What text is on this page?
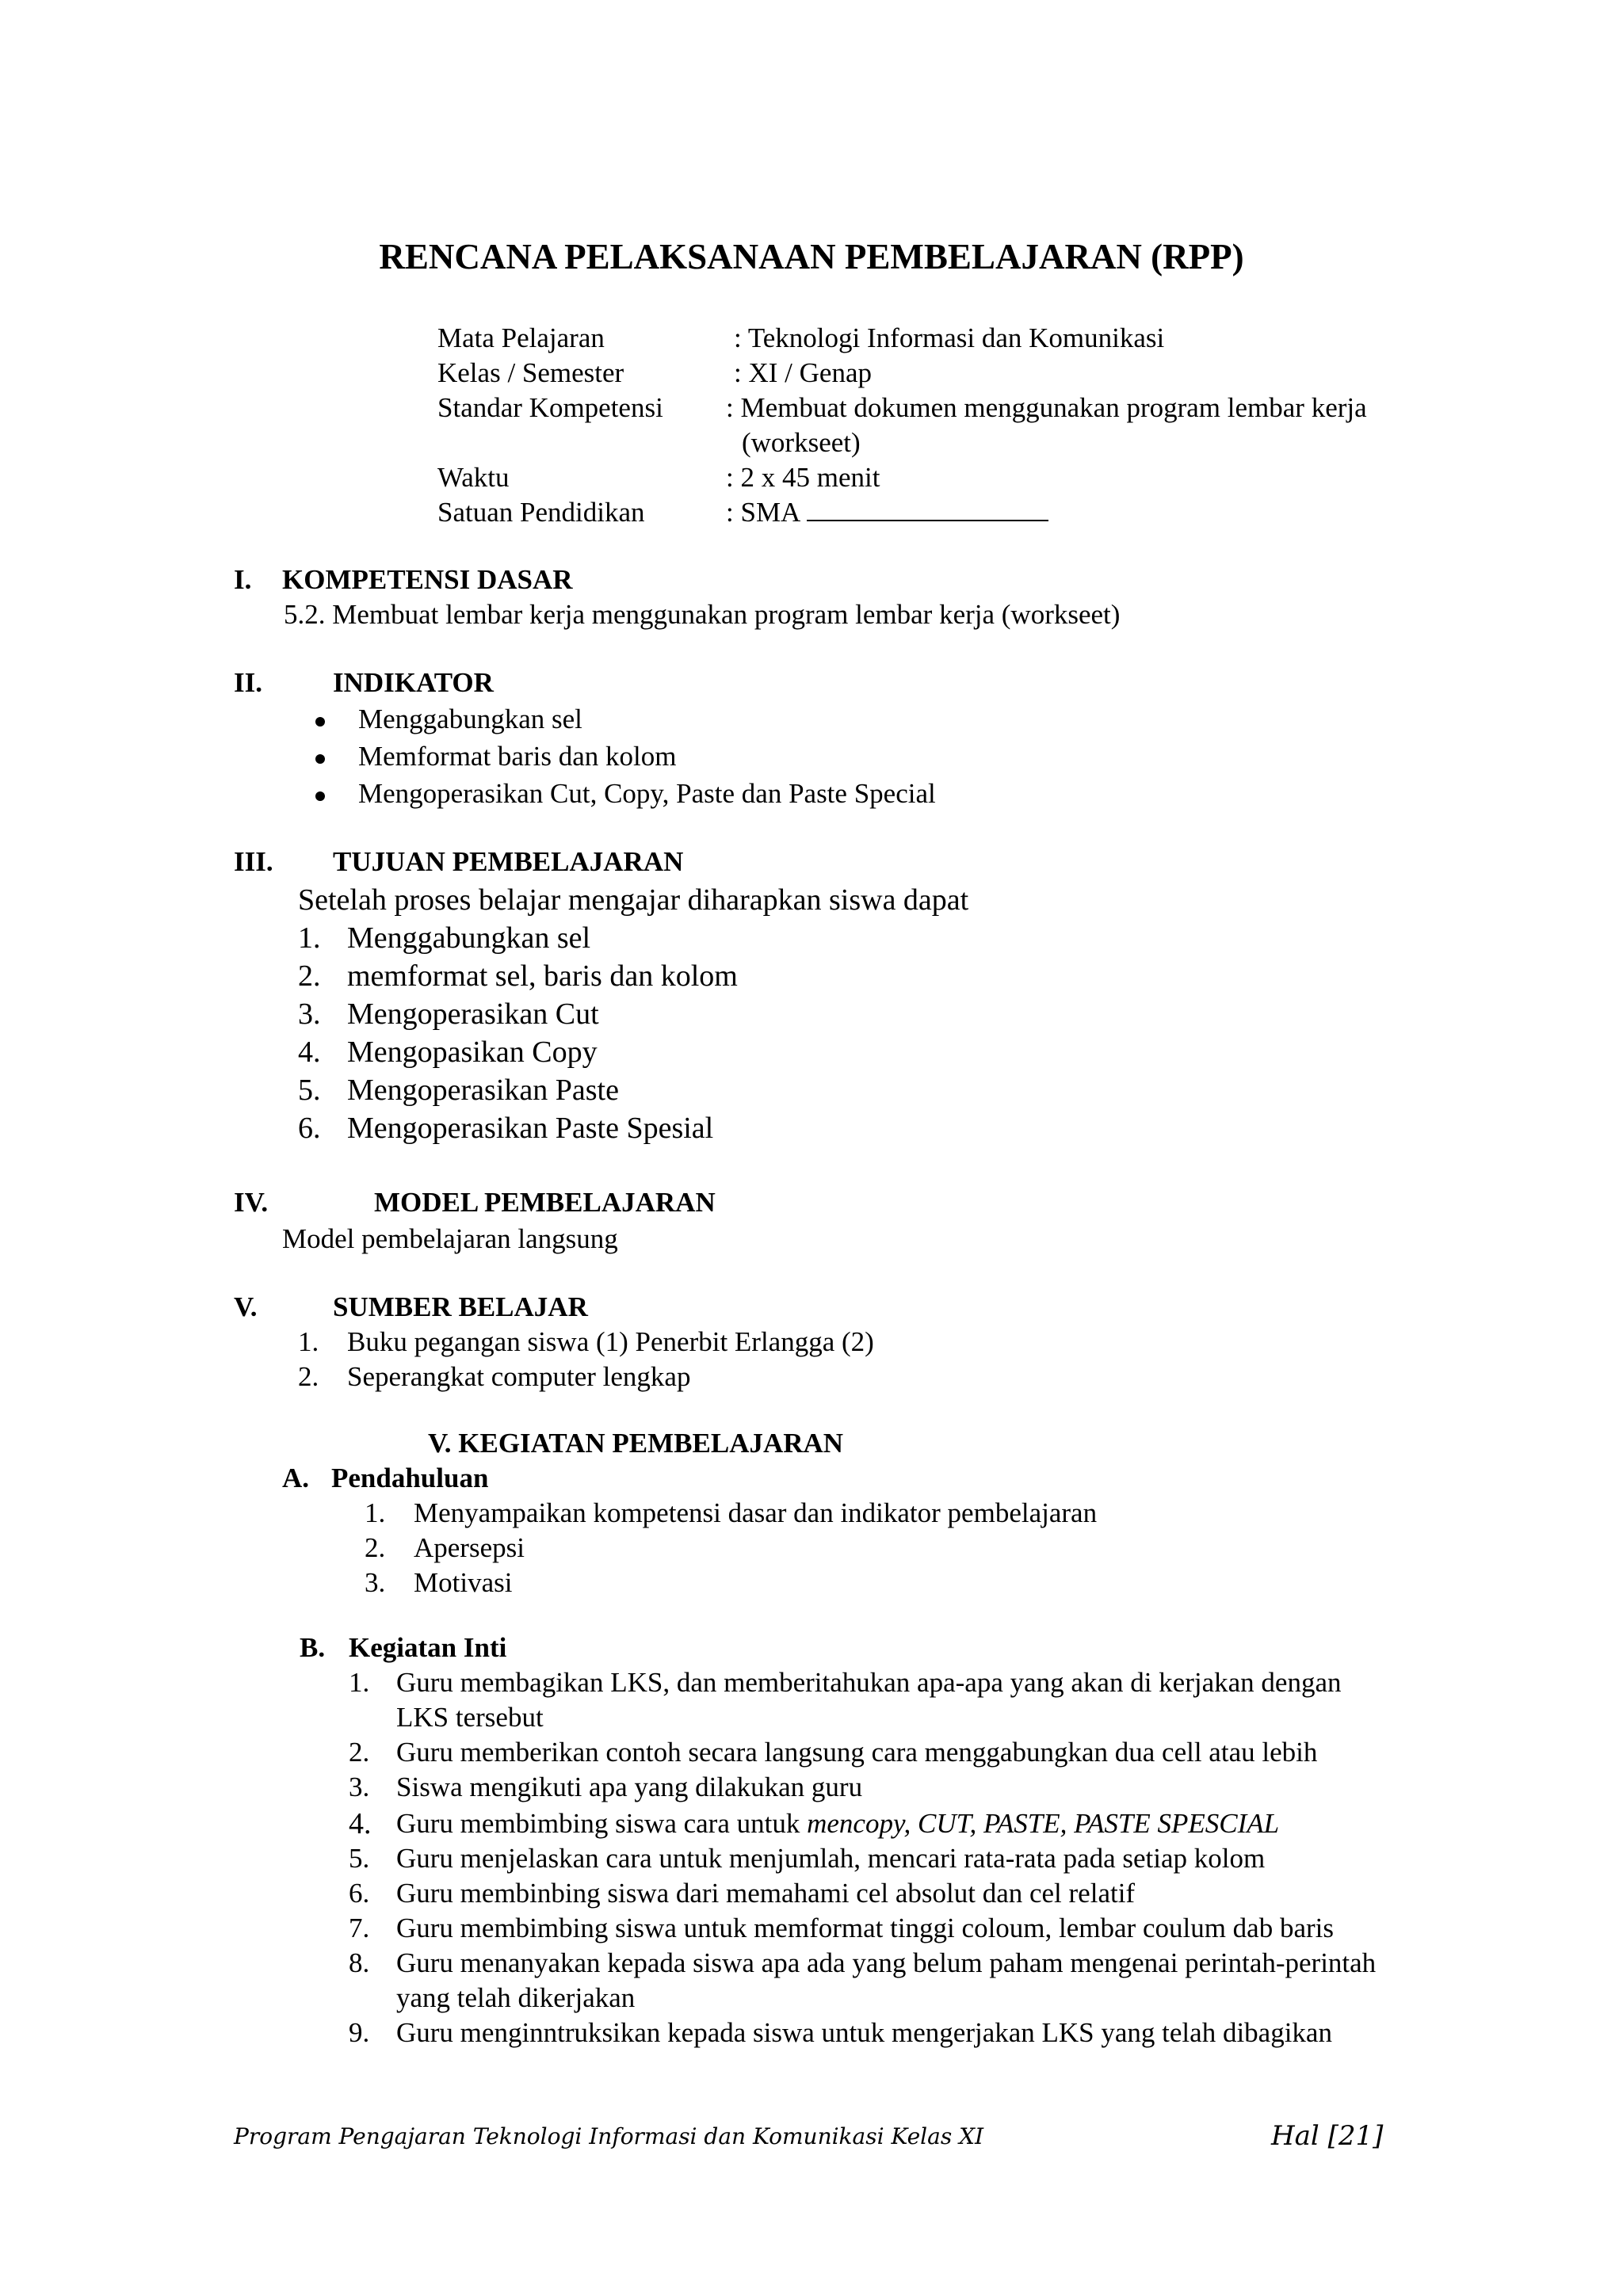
RENCANA PELAKSANAAN PEMBELAJARAN (RPP)
Mata Pelajaran	: Teknologi Informasi dan Komunikasi
Kelas / Semester	: XI / Genap
Standar Kompetensi : Membuat dokumen menggunakan program lembar kerja
(workseet)
Waktu	: 2 x 45 menit
Satuan Pendidikan	: SMA
I. KOMPETENSI DASAR
5.2. Membuat lembar kerja menggunakan program lembar kerja (workseet)
II.	INDIKATOR
Menggabungkan sel
Memformat baris dan kolom
Mengoperasikan Cut, Copy, Paste dan Paste Special
III. TUJUAN PEMBELAJARAN
Setelah proses belajar mengajar diharapkan siswa dapat
1. Menggabungkan sel
2. memformat sel, baris dan kolom
3. Mengoperasikan Cut
4. Mengopasikan Copy
5. Mengoperasikan Paste
6. Mengoperasikan Paste Spesial
IV.	MODEL PEMBELAJARAN
Model pembelajaran langsung
V.	SUMBER BELAJAR
1. Buku pegangan siswa (1) Penerbit Erlangga (2)
2. Seperangkat computer lengkap
V. KEGIATAN PEMBELAJARAN
A. Pendahuluan
1. Menyampaikan kompetensi dasar dan indikator pembelajaran
2. Apersepsi
3. Motivasi
B. Kegiatan Inti
1. Guru membagikan LKS, dan memberitahukan apa-apa yang akan di kerjakan dengan
LKS tersebut
2. Guru memberikan contoh secara langsung cara menggabungkan dua cell atau lebih
3. Siswa mengikuti apa yang dilakukan guru
4. Guru membimbing siswa cara untuk mencopy, CUT, PASTE, PASTE SPESCIAL
5. Guru menjelaskan cara untuk menjumlah, mencari rata-rata pada setiap kolom
6. Guru membinbing siswa dari memahami cel absolut dan cel relatif
7. Guru membimbing siswa untuk memformat tinggi coloum, lembar coulum dab baris
8. Guru menanyakan kepada siswa apa ada yang belum paham mengenai perintah-perintah
yang telah dikerjakan
9. Guru menginntruksikan kepada siswa untuk mengerjakan LKS yang telah dibagikan
Program Pengajaran Teknologi Informasi dan Komunikasi Kelas XI	Hal [21]
